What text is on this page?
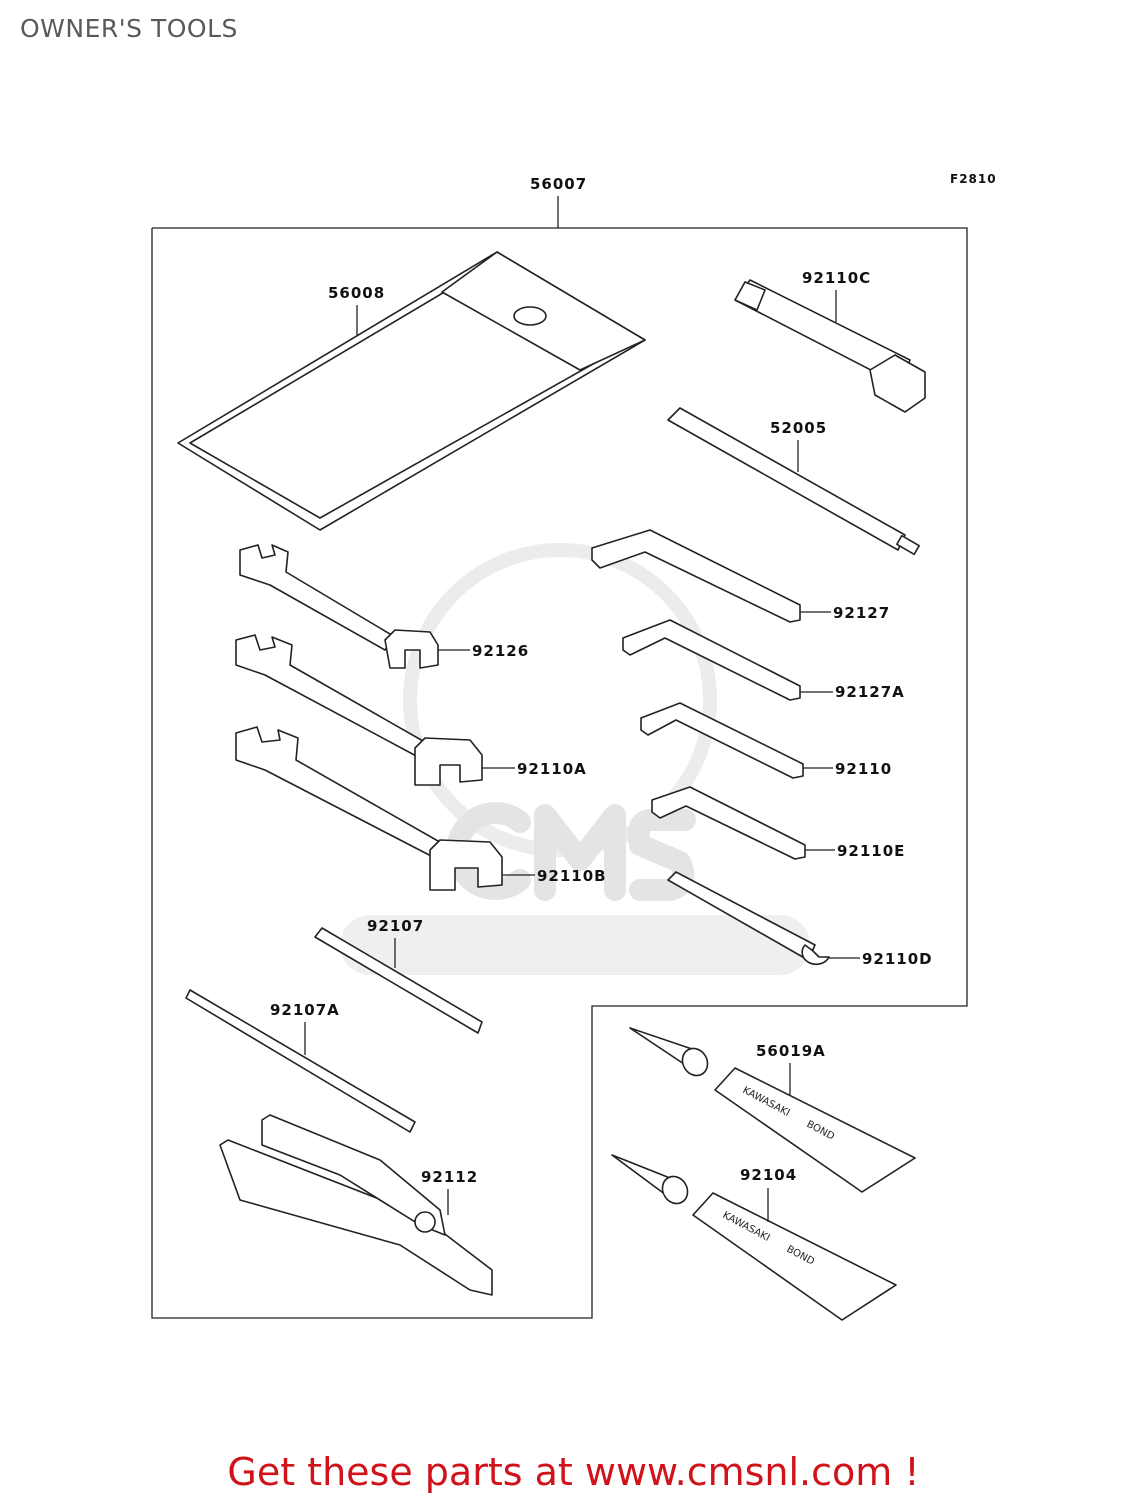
OWNER'S TOOLS
KAWASAKI
BOND
KAWASAKI
BOND
56007	F2810
56008
92110C
52005
92127
92127A
92110
92110E
92110D
92126
92110A
92110B
92107
92107A
92112
56019A
92104
Get these parts at www.cmsnl.com !
